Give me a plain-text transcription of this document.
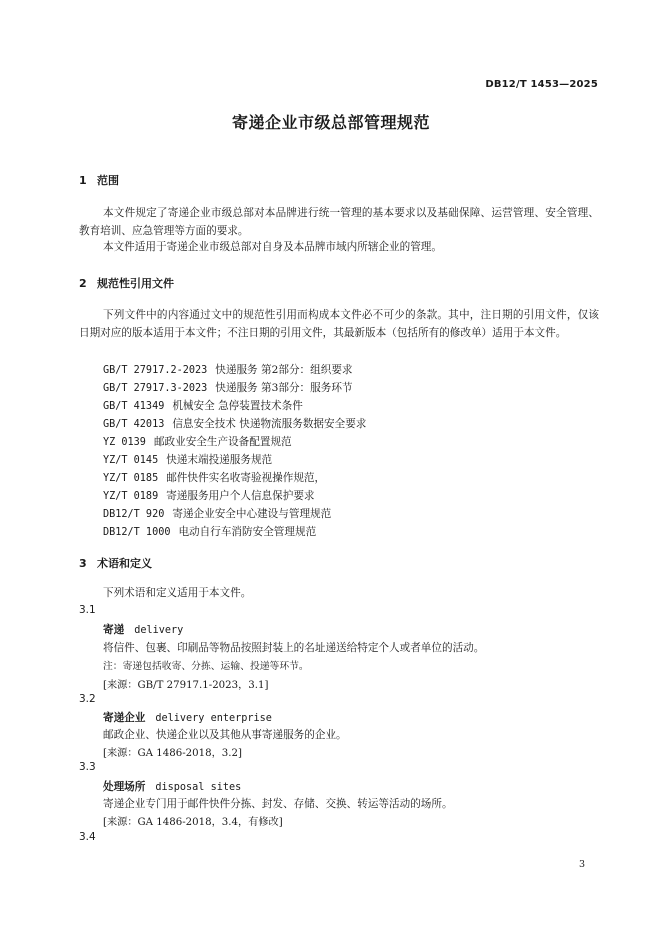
DB12/T 1453—2025
寄递企业市级总部管理规范
1 范围
本文件规定了寄递企业市级总部对本品牌进行统一管理的基本要求以及基础保障、运营管理、安全管理、教育培训、应急管理等方面的要求。
本文件适用于寄递企业市级总部对自身及本品牌市域内所辖企业的管理。
2 规范性引用文件
下列文件中的内容通过文中的规范性引用而构成本文件必不可少的条款。其中，注日期的引用文件，仅该日期对应的版本适用于本文件；不注日期的引用文件，其最新版本（包括所有的修改单）适用于本文件。
GB/T 27917.2-2023 快递服务 第2部分：组织要求
GB/T 27917.3-2023 快递服务 第3部分：服务环节
GB/T 41349 机械安全 急停装置技术条件
GB/T 42013 信息安全技术 快递物流服务数据安全要求
YZ 0139 邮政业安全生产设备配置规范
YZ/T 0145 快递末端投递服务规范
YZ/T 0185 邮件快件实名收寄验视操作规范，
YZ/T 0189 寄递服务用户个人信息保护要求
DB12/T 920 寄递企业安全中心建设与管理规范
DB12/T 1000 电动自行车消防安全管理规范
3 术语和定义
下列术语和定义适用于本文件。
3.1
寄递 delivery
将信件、包裹、印刷品等物品按照封装上的名址递送给特定个人或者单位的活动。
注：寄递包括收寄、分拣、运输、投递等环节。
[来源：GB/T 27917.1-2023，3.1]
3.2
寄递企业 delivery enterprise
邮政企业、快递企业以及其他从事寄递服务的企业。
[来源：GA 1486-2018，3.2]
3.3
处理场所 disposal sites
寄递企业专门用于邮件快件分拣、封发、存储、交换、转运等活动的场所。
[来源：GA 1486-2018，3.4，有修改]
3.4
3
